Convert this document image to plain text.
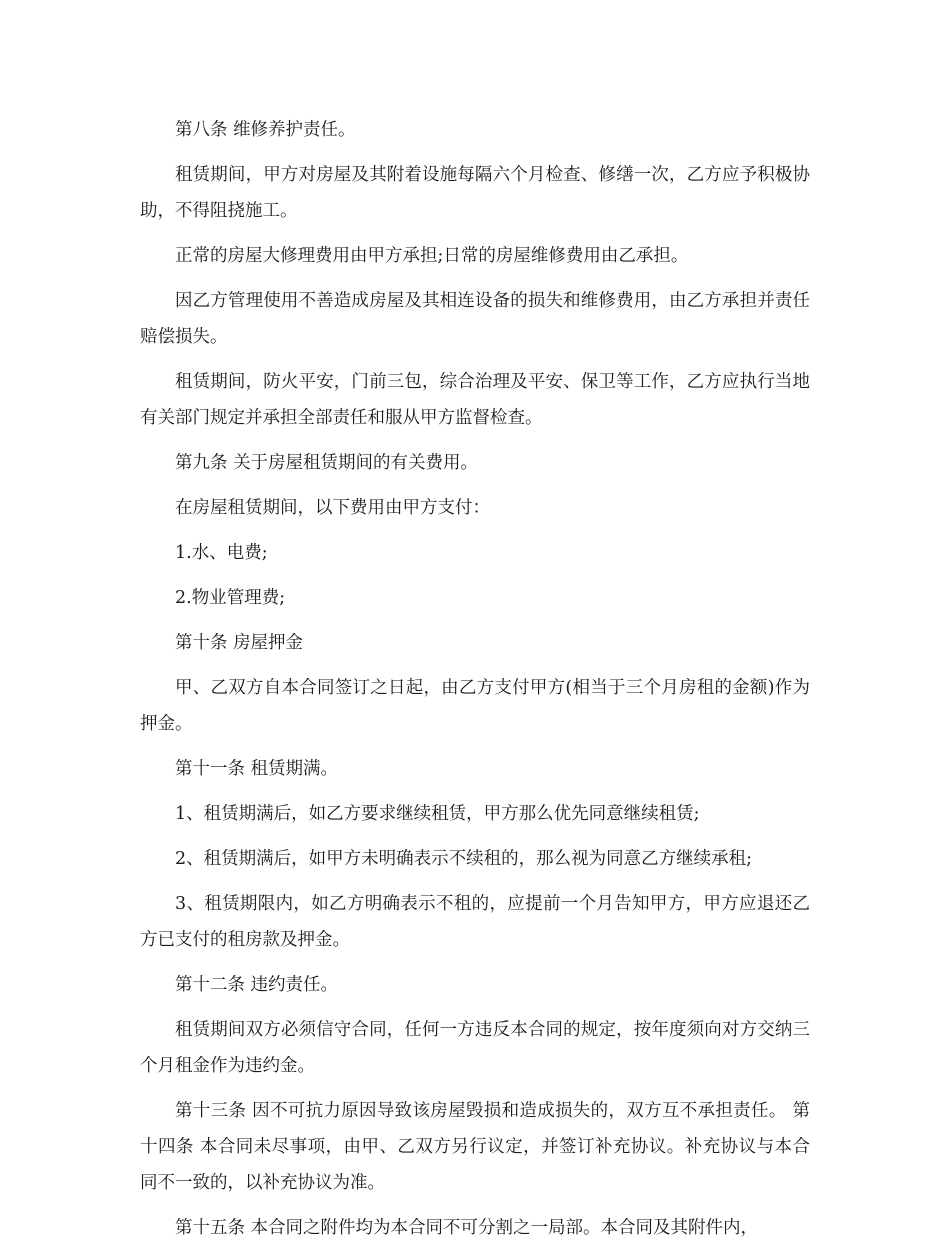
第八条 维修养护责任。

租赁期间，甲方对房屋及其附着设施每隔六个月检查、修缮一次，乙方应予积极协助，不得阻挠施工。

正常的房屋大修理费用由甲方承担;日常的房屋维修费用由乙承担。

因乙方管理使用不善造成房屋及其相连设备的损失和维修费用，由乙方承担并责任赔偿损失。

租赁期间，防火平安，门前三包，综合治理及平安、保卫等工作，乙方应执行当地有关部门规定并承担全部责任和服从甲方监督检查。

第九条 关于房屋租赁期间的有关费用。

在房屋租赁期间，以下费用由甲方支付：

1.水、电费;

2.物业管理费;

第十条 房屋押金

甲、乙双方自本合同签订之日起，由乙方支付甲方(相当于三个月房租的金额)作为押金。

第十一条 租赁期满。

1、租赁期满后，如乙方要求继续租赁，甲方那么优先同意继续租赁;

2、租赁期满后，如甲方未明确表示不续租的，那么视为同意乙方继续承租;

3、租赁期限内，如乙方明确表示不租的，应提前一个月告知甲方，甲方应退还乙方已支付的租房款及押金。

第十二条 违约责任。

租赁期间双方必须信守合同，任何一方违反本合同的规定，按年度须向对方交纳三个月租金作为违约金。

第十三条 因不可抗力原因导致该房屋毁损和造成损失的，双方互不承担责任。 第十四条 本合同未尽事项，由甲、乙双方另行议定，并签订补充协议。补充协议与本合同不一致的，以补充协议为准。

第十五条 本合同之附件均为本合同不可分割之一局部。本合同及其附件内，
